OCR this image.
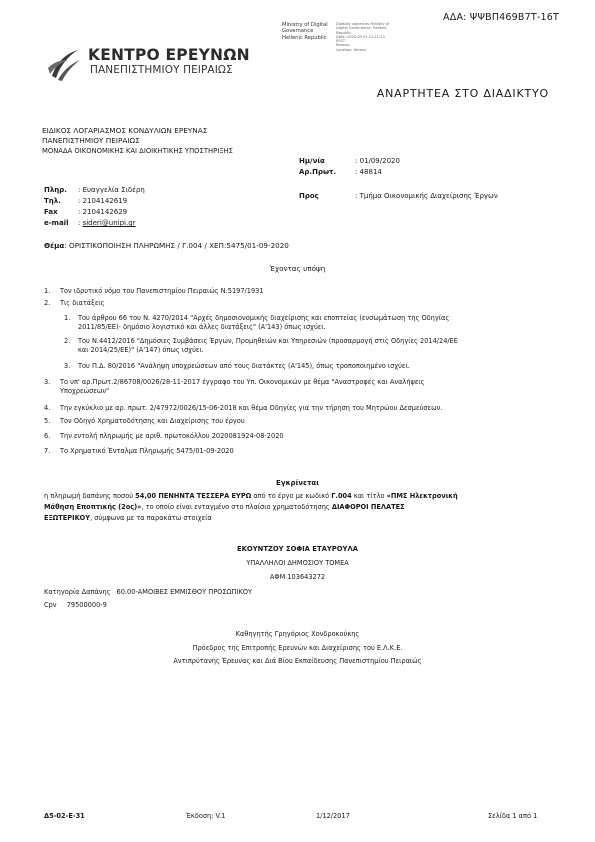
ΑΔΑ: ΨΨΒΠ469Β7Τ-16Τ
Ministry of Digital
Governance
Hellenic Republic
Digitally signed by Ministry of
Digital Governance, Hellenic
Republic
Date: 2020.09.01 12:11:23
EEST
Reason:
Location: Athens
ΚΕΝΤΡΟ ΕΡΕΥΝΩΝ
ΠΑΝΕΠΙΣΤΗΜΙΟΥ ΠΕΙΡΑΙΩΣ
ΑΝΑΡΤΗΤΕΑ ΣΤΟ ΔΙΑΔΙΚΤΥΟ
ΕΙΔΙΚΟΣ ΛΟΓΑΡΙΑΣΜΟΣ ΚΟΝΔΥΛΙΩΝ ΕΡΕΥΝΑΣ
ΠΑΝΕΠΙΣΤΗΜΙΟΥ ΠΕΙΡΑΙΩΣ
ΜΟΝΑΔΑ ΟΙΚΟΝΟΜΙΚΗΣ ΚΑΙ ΔΙΟΙΚΗΤΙΚΗΣ ΥΠΟΣΤΗΡΙΞΗΣ
Ημ/νία	: 01/09/2020
Αρ.Πρωτ.	: 48814
Προς	: Τμήμα Οικονομικής Διαχείρισης Έργων
Πληρ. : Ευαγγελία Σιδέρη
Τηλ. : 2104142619
Fax	: 2104142629
e-mail : sideri@unipi.gr
Θέμα: ΟΡΙΣΤΙΚΟΠΟΙΗΣΗ ΠΛΗΡΩΜΗΣ / Γ.004 / ΧΕΠ:5475/01-09-2020
Έχοντας υπόψη
1. Τον ιδρυτικό νόμο του Πανεπιστημίου Πειραιώς Ν.5197/1931
2. Τις διατάξεις
1. Του άρθρου 66 του Ν. 4270/2014 "Αρχές δημοσιονομικής διαχείρισης και εποπτείας (ενσωμάτωση της Οδηγίας
2011/85/ΕΕ)- δημόσιο λογιστικό και άλλες διατάξεις" (Α'143) όπως ισχύει.
2. Του Ν.4412/2016 "Δημόσιες Συμβάσεις Έργων, Προμηθειών και Υπηρεσιών (προσαρμογή στις Οδηγίες 2014/24/ΕΕ
και 2014/25/ΕΕ)" (Α'147) όπως ισχύει.
3. Του Π.Δ. 80/2016 "Ανάληψη υποχρεώσεων από τους διατάκτες (Α'145), όπως τροποποιημένο ισχύει.
3. Το υπ' αρ.Πρωτ.2/86708/0026/28-11-2017 έγγραφο του Υπ. Οικονομικών με θέμα "Αναστροφές και Αναλήψεις
Υποχρεώσεων"
4. Την εγκύκλιο με αρ. πρωτ. 2/47972/0026/15-06-2018 και θέμα Οδηγίες για την τήρηση του Μητρώου Δεσμεύσεων.
5. Τον Οδηγό Χρηματοδότησης και Διαχείρισης του έργου
6. Την εντολή πληρωμής με αριθ. πρωτοκόλλου 2020081924-08-2020
7. Το Χρηματικό Ένταλμα Πληρωμής 5475/01-09-2020
Εγκρίνεται
η πληρωμή δαπάνης ποσού 54,00 ΠΕΝΗΝΤΑ ΤΕΣΣΕΡΑ ΕΥΡΩ από το έργο με κωδικό Γ.004 και τίτλο «ΠΜΣ Ηλεκτρονική
Μάθηση Εποπτικής (2ος)», το οποίο είναι ενταγμένο στο πλαίσιο χρηματοδότησης ΔΙΑΦΟΡΟΙ ΠΕΛΑΤΕΣ
ΕΞΩΤΕΡΙΚΟΥ, σύμφωνα με τα παρακάτω στοιχεία
ΕΚΟΥΝΤΖΟΥ ΣΟΦΙΑ ΕΤΑΥΡΟΥΛΑ
ΥΠΑΛΛΗΛΟΙ ΔΗΜΟΣΙΟΥ ΤΟΜΕΑ
ΑΦΜ 103643272
Κατηγορία Δαπάνης 60.00-ΑΜΟΙΒΕΣ ΕΜΜΙΣΘΟΥ ΠΡΟΣΩΠΙΚΟΥ
Cpv 79500000-9
Καθηγητής Γρηγόριος Χονδροκούκης
Πρόεδρος της Επιτροπής Ερευνών και Διαχείρισης του Ε.Λ.Κ.Ε.
Αντιπρύτανης Έρευνας και Διά Βίου Εκπαίδευσης Πανεπιστημίου Πειραιώς
Δ5-02-Ε-31	Έκδοση: V.1	1/12/2017	Σελίδα 1 από 1
